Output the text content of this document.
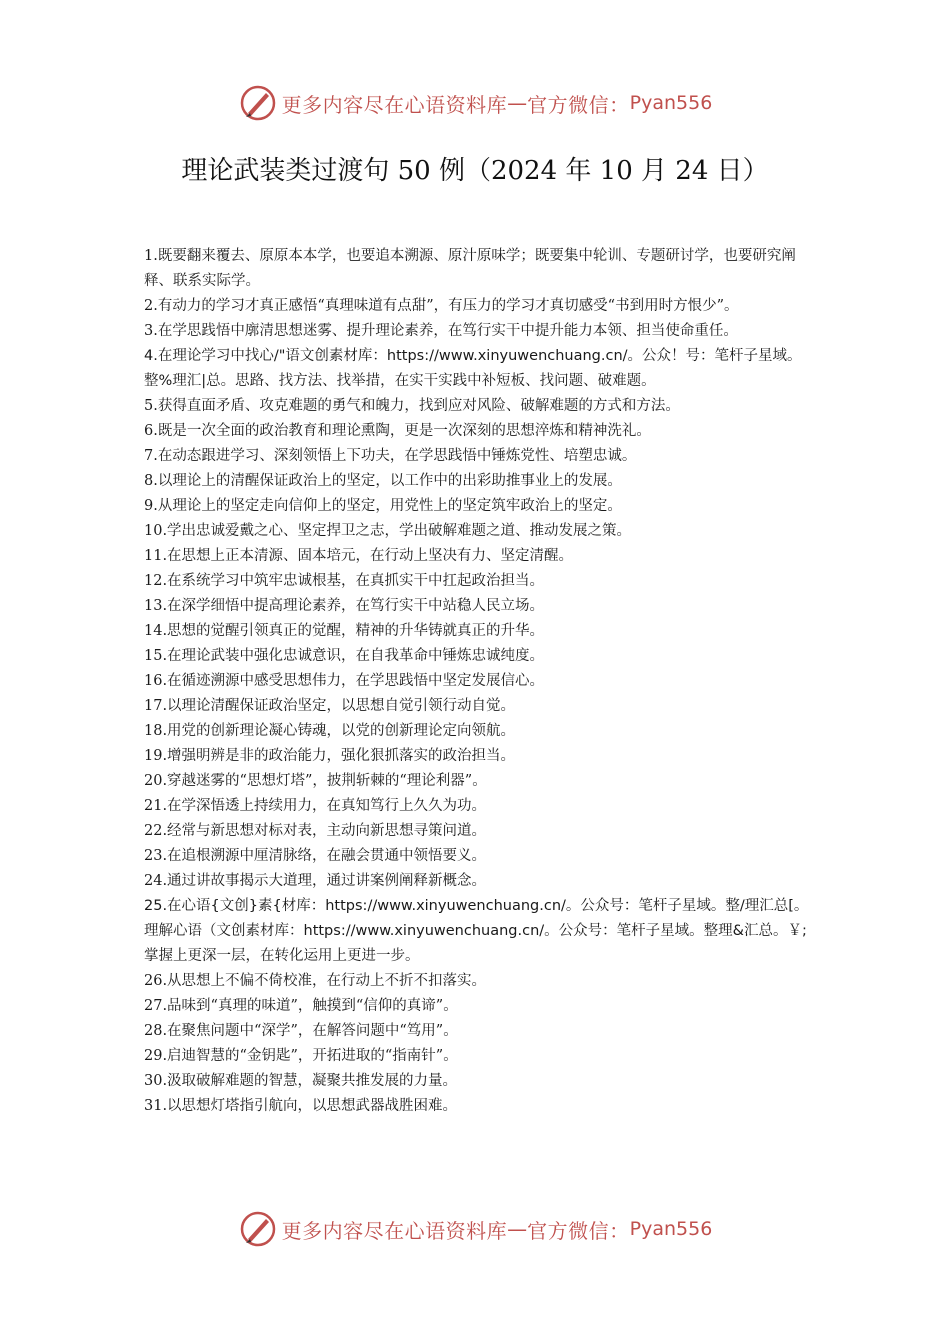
更多内容尽在心语资料库 — 官方微信： Pyan556
理论武装类过渡句 50 例（2024 年 10 月 24 日）

1.既要翻来覆去、原原本本学，也要追本溯源、原汁原味学；既要集中轮训、专题研讨学，也要研究阐释、联系实际学。

2.有动力的学习才真正感悟“真理味道有点甜”，有压力的学习才真切感受“书到用时方恨少”。

3.在学思践悟中廓清思想迷雾、提升理论素养，在笃行实干中提升能力本领、担当使命重任。

4.在理论学习中找心/"语文创素材库：https://www.xinyuwenchuang.cn/。公众！号：笔杆子星域。整%理汇|总。思路、找方法、找举措，在实干实践中补短板、找问题、破难题。

5.获得直面矛盾、攻克难题的勇气和魄力，找到应对风险、破解难题的方式和方法。

6.既是一次全面的政治教育和理论熏陶，更是一次深刻的思想淬炼和精神洗礼。

7.在动态跟进学习、深刻领悟上下功夫，在学思践悟中锤炼党性、培塑忠诚。

8.以理论上的清醒保证政治上的坚定，以工作中的出彩助推事业上的发展。

9.从理论上的坚定走向信仰上的坚定，用党性上的坚定筑牢政治上的坚定。

10.学出忠诚爱戴之心、坚定捍卫之志，学出破解难题之道、推动发展之策。

11.在思想上正本清源、固本培元，在行动上坚决有力、坚定清醒。

12.在系统学习中筑牢忠诚根基，在真抓实干中扛起政治担当。

13.在深学细悟中提高理论素养，在笃行实干中站稳人民立场。

14.思想的觉醒引领真正的觉醒，精神的升华铸就真正的升华。

15.在理论武装中强化忠诚意识，在自我革命中锤炼忠诚纯度。

16.在循迹溯源中感受思想伟力，在学思践悟中坚定发展信心。

17.以理论清醒保证政治坚定，以思想自觉引领行动自觉。

18.用党的创新理论凝心铸魂，以党的创新理论定向领航。

19.增强明辨是非的政治能力，强化狠抓落实的政治担当。

20.穿越迷雾的“思想灯塔”，披荆斩棘的“理论利器”。

21.在学深悟透上持续用力，在真知笃行上久久为功。

22.经常与新思想对标对表，主动向新思想寻策问道。

23.在追根溯源中厘清脉络，在融会贯通中领悟要义。

24.通过讲故事揭示大道理，通过讲案例阐释新概念。

25.在心语{文创}素{材库：https://www.xinyuwenchuang.cn/。公众号：笔杆子星域。整/理汇总[。理解心语（文创素材库：https://www.xinyuwenchuang.cn/。公众号：笔杆子星域。整理&汇总。￥;掌握上更深一层，在转化运用上更进一步。

26.从思想上不偏不倚校准，在行动上不折不扣落实。

27.品味到“真理的味道”，触摸到“信仰的真谛”。

28.在聚焦问题中“深学”，在解答问题中“笃用”。

29.启迪智慧的“金钥匙”，开拓进取的“指南针”。

30.汲取破解难题的智慧，凝聚共推发展的力量。

31.以思想灯塔指引航向，以思想武器战胜困难。

更多内容尽在心语资料库 — 官方微信： Pyan556
